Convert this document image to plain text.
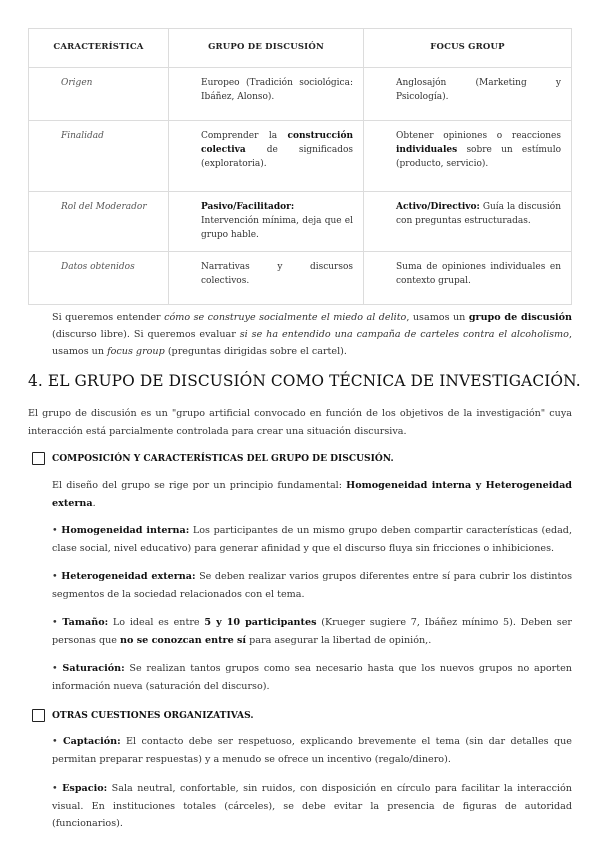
CARACTERÍSTICA	GRUPO DE DISCUSIÓN	FOCUS GROUP
Origen	Europeo (Tradición sociológica: Ibáñez, Alonso).	Anglosajón (Marketing y Psicología).
Finalidad	Comprender la construcción colectiva de significados (exploratoria).	Obtener opiniones o reacciones individuales sobre un estímulo (producto, servicio).
Rol del Moderador	Pasivo/Facilitador: Intervención mínima, deja que el grupo hable.	Activo/Directivo: Guía la discusión con preguntas estructuradas.
Datos obtenidos	Narrativas y discursos colectivos.	Suma de opiniones individuales en contexto grupal.
Si queremos entender cómo se construye socialmente el miedo al delito, usamos un grupo de discusión (discurso libre). Si queremos evaluar si se ha entendido una campaña de carteles contra el alcoholismo, usamos un focus group (preguntas dirigidas sobre el cartel).
4. EL GRUPO DE DISCUSIÓN COMO TÉCNICA DE INVESTIGACIÓN.
El grupo de discusión es un "grupo artificial convocado en función de los objetivos de la investigación" cuya interacción está parcialmente controlada para crear una situación discursiva.
COMPOSICIÓN Y CARACTERÍSTICAS DEL GRUPO DE DISCUSIÓN.
El diseño del grupo se rige por un principio fundamental: Homogeneidad interna y Heterogeneidad externa.
• Homogeneidad interna: Los participantes de un mismo grupo deben compartir características (edad, clase social, nivel educativo) para generar afinidad y que el discurso fluya sin fricciones o inhibiciones.
• Heterogeneidad externa: Se deben realizar varios grupos diferentes entre sí para cubrir los distintos segmentos de la sociedad relacionados con el tema.
• Tamaño: Lo ideal es entre 5 y 10 participantes (Krueger sugiere 7, Ibáñez mínimo 5). Deben ser personas que no se conozcan entre sí para asegurar la libertad de opinión,.
• Saturación: Se realizan tantos grupos como sea necesario hasta que los nuevos grupos no aporten información nueva (saturación del discurso).
OTRAS CUESTIONES ORGANIZATIVAS.
• Captación: El contacto debe ser respetuoso, explicando brevemente el tema (sin dar detalles que permitan preparar respuestas) y a menudo se ofrece un incentivo (regalo/dinero).
• Espacio: Sala neutral, confortable, sin ruidos, con disposición en círculo para facilitar la interacción visual. En instituciones totales (cárceles), se debe evitar la presencia de figuras de autoridad (funcionarios).
